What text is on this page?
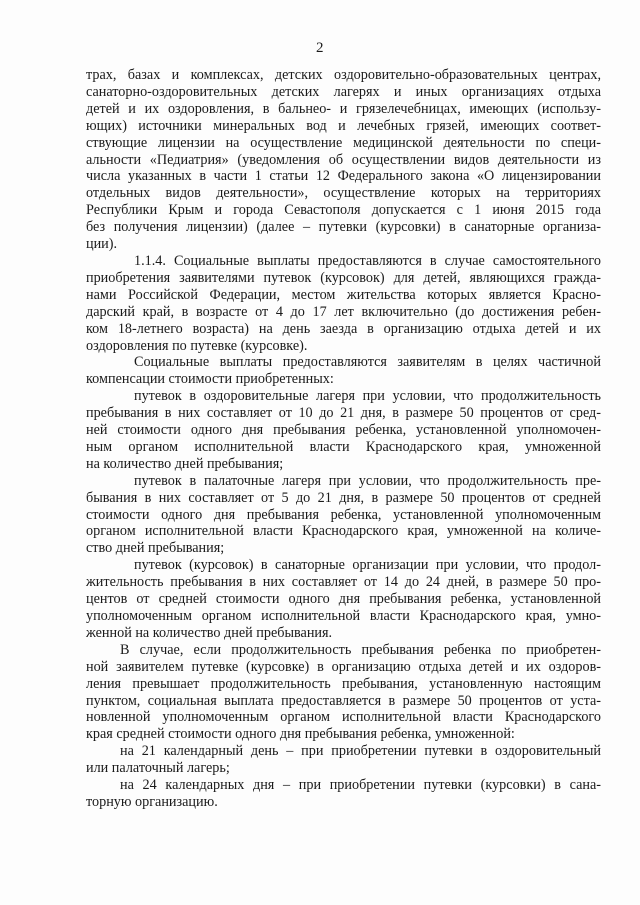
2
трах, базах и комплексах, детских оздоровительно-образовательных центрах,
санаторно-оздоровительных детских лагерях и иных организациях отдыха
детей и их оздоровления, в бальнео- и грязелечебницах, имеющих (использу-
ющих) источники минеральных вод и лечебных грязей, имеющих соответ-
ствующие лицензии на осуществление медицинской деятельности по специ-
альности «Педиатрия» (уведомления об осуществлении видов деятельности из
числа указанных в части 1 статьи 12 Федерального закона «О лицензировании
отдельных видов деятельности», осуществление которых на территориях
Республики Крым и города Севастополя допускается с 1 июня 2015 года
без получения лицензии) (далее – путевки (курсовки) в санаторные организа-
ции).
1.1.4. Социальные выплаты предоставляются в случае самостоятельного
приобретения заявителями путевок (курсовок) для детей, являющихся гражда-
нами Российской Федерации, местом жительства которых является Красно-
дарский край, в возрасте от 4 до 17 лет включительно (до достижения ребен-
ком 18-летнего возраста) на день заезда в организацию отдыха детей и их
оздоровления по путевке (курсовке).
Социальные выплаты предоставляются заявителям в целях частичной
компенсации стоимости приобретенных:
путевок в оздоровительные лагеря при условии, что продолжительность
пребывания в них составляет от 10 до 21 дня, в размере 50 процентов от сред-
ней стоимости одного дня пребывания ребенка, установленной уполномочен-
ным органом исполнительной власти Краснодарского края, умноженной
на количество дней пребывания;
путевок в палаточные лагеря при условии, что продолжительность пре-
бывания в них составляет от 5 до 21 дня, в размере 50 процентов от средней
стоимости одного дня пребывания ребенка, установленной уполномоченным
органом исполнительной власти Краснодарского края, умноженной на количе-
ство дней пребывания;
путевок (курсовок) в санаторные организации при условии, что продол-
жительность пребывания в них составляет от 14 до 24 дней, в размере 50 про-
центов от средней стоимости одного дня пребывания ребенка, установленной
уполномоченным органом исполнительной власти Краснодарского края, умно-
женной на количество дней пребывания.
В случае, если продолжительность пребывания ребенка по приобретен-
ной заявителем путевке (курсовке) в организацию отдыха детей и их оздоров-
ления превышает продолжительность пребывания, установленную настоящим
пунктом, социальная выплата предоставляется в размере 50 процентов от уста-
новленной уполномоченным органом исполнительной власти Краснодарского
края средней стоимости одного дня пребывания ребенка, умноженной:
на 21 календарный день – при приобретении путевки в оздоровительный
или палаточный лагерь;
на 24 календарных дня – при приобретении путевки (курсовки) в сана-
торную организацию.
